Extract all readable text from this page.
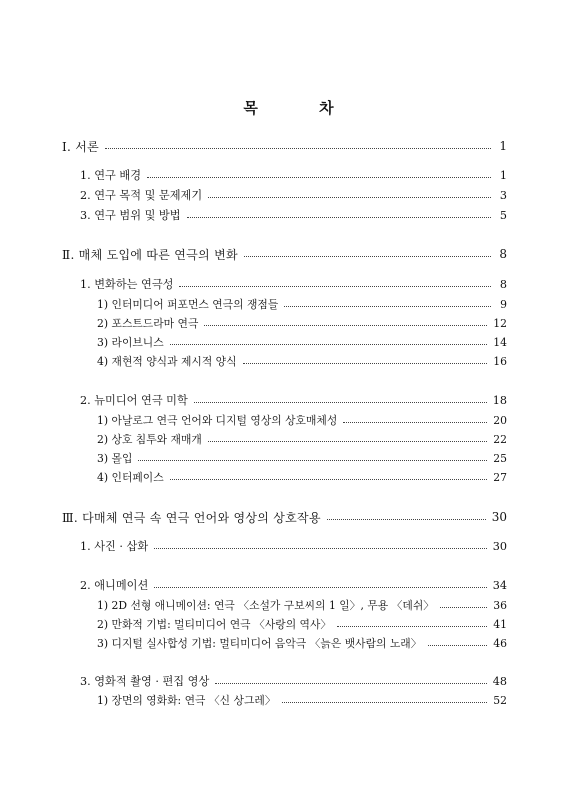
목 차
Ⅰ. 서론	1
1. 연구 배경	1
2. 연구 목적 및 문제제기	3
3. 연구 범위 및 방법	5
Ⅱ. 매체 도입에 따른 연극의 변화	8
1. 변화하는 연극성	8
1) 인터미디어 퍼포먼스 연극의 쟁점들	9
2) 포스트드라마 연극	12
3) 라이브니스	14
4) 재현적 양식과 제시적 양식	16
2. 뉴미디어 연극 미학	18
1) 아날로그 연극 언어와 디지털 영상의 상호매체성	20
2) 상호 침투와 재매개	22
3) 몰입	25
4) 인터페이스	27
Ⅲ. 다매체 연극 속 연극 언어와 영상의 상호작용	30
1. 사진 · 삽화	30
2. 애니메이션	34
1) 2D 선형 애니메이션: 연극 〈소설가 구보씨의 1 일〉, 무용 〈데쉬〉	36
2) 만화적 기법: 멀티미디어 연극 〈사랑의 역사〉	41
3) 디지털 실사합성 기법: 멀티미디어 음악극 〈늙은 뱃사람의 노래〉	46
3. 영화적 촬영 · 편집 영상	48
1) 장면의 영화화: 연극 〈신 상그레〉	52
